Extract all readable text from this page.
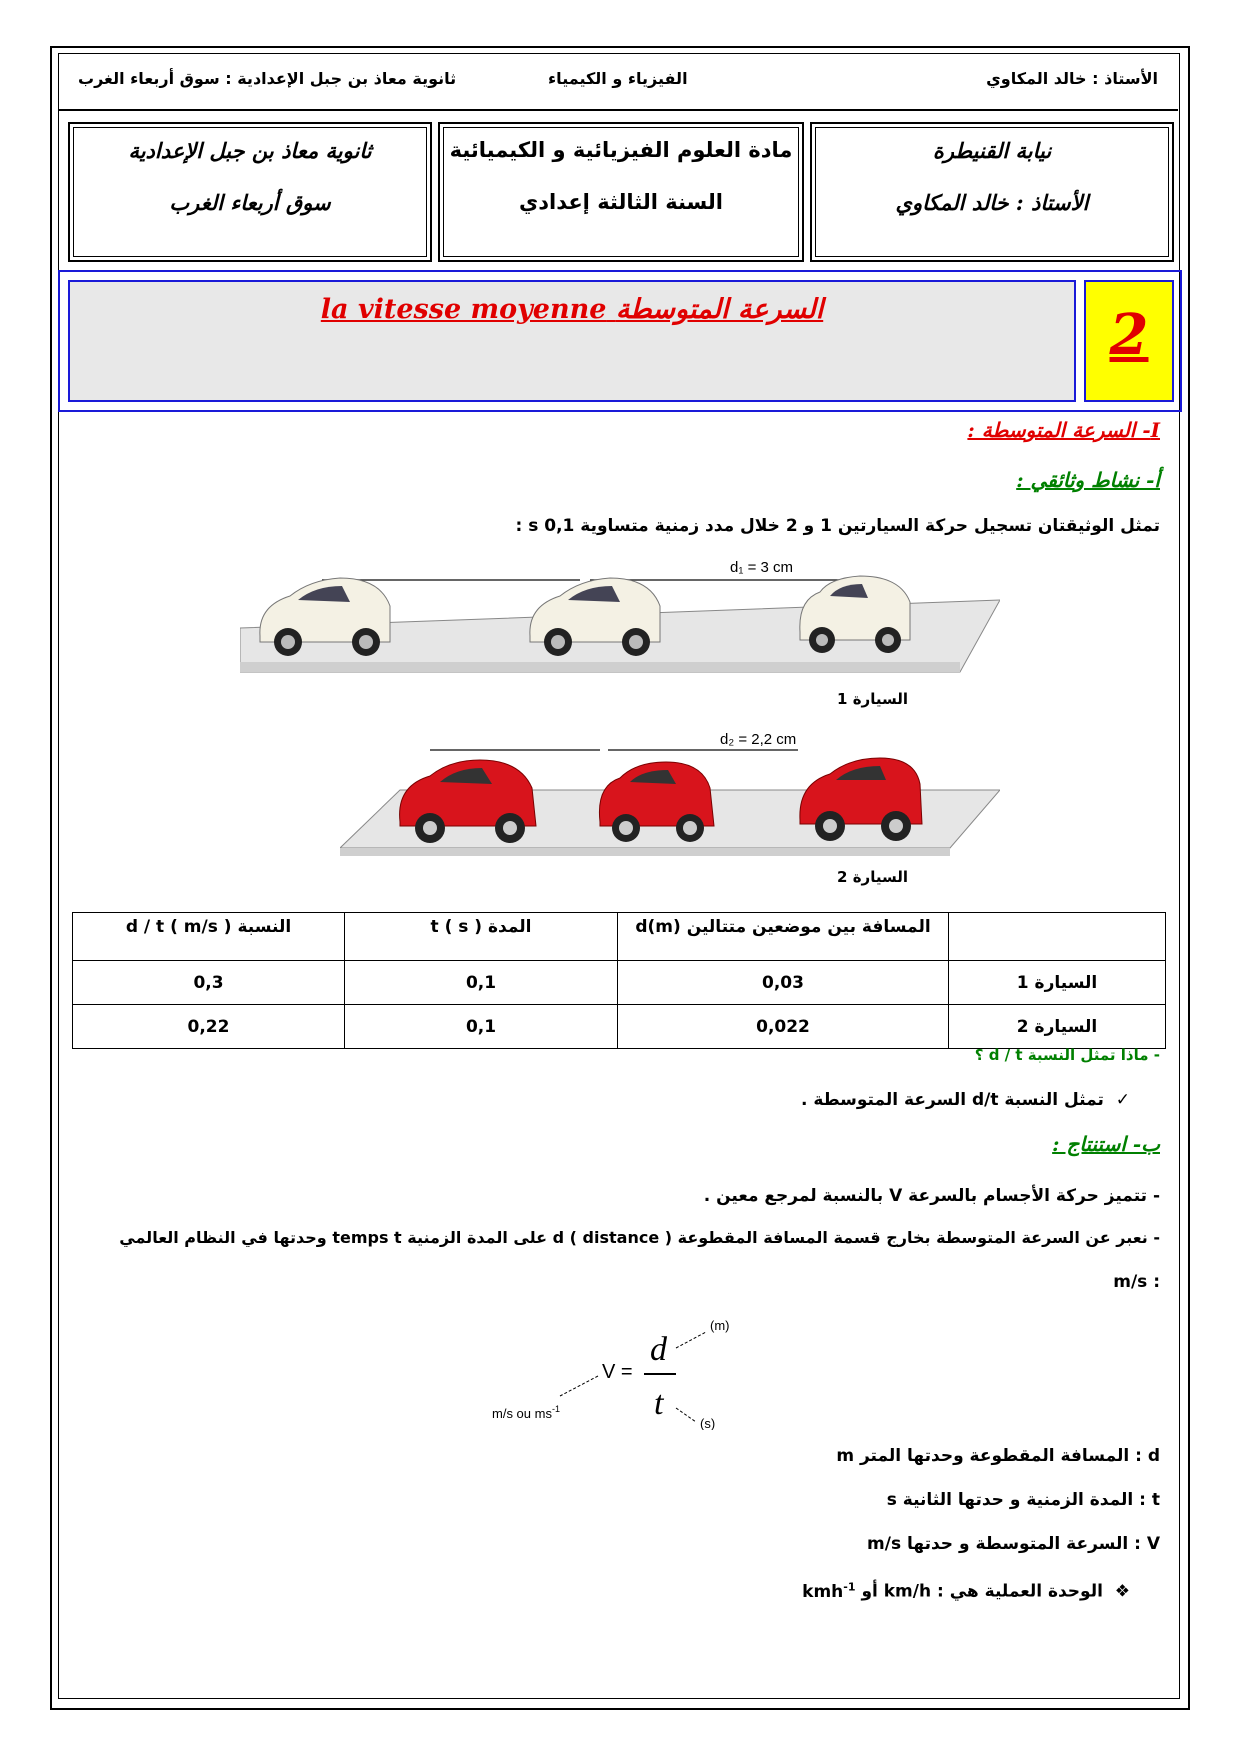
الأستاذ : خالد المكاوي
الفيزياء و الكيمياء
ثانوية معاذ بن جبل الإعدادية : سوق أربعاء الغرب
نيابة القنيطرة
الأستاذ : خالد المكاوي
مادة العلوم الفيزيائية و الكيميائية
السنة الثالثة إعدادي
ثانوية معاذ بن جبل الإعدادية
سوق أربعاء الغرب
la vitesse moyenne السرعة المتوسطة	2
I- السرعة المتوسطة :
أ- نشاط وثائقي :
تمثل الوثيقتان تسجيل حركة السيارتين 1 و 2 خلال مدد زمنية متساوية 0,1 s :
d₁ = 3 cm
السيارة 1
d₂ = 2,2 cm
السيارة 2
	المسافة بين موضعين متتالين (d(m	المدة ( t ( s	النسبة ( d / t ( m/s
السيارة 1	0,03	0,1	0,3
السيارة 2	0,022	0,1	0,22
- ماذا تمثل النسبة d / t ؟
✓  تمثل النسبة d/t السرعة المتوسطة .
ب- استنتاج :
- تتميز حركة الأجسام بالسرعة V بالنسبة لمرجع معين .
- نعبر عن السرعة المتوسطة بخارج قسمة المسافة المقطوعة d ( distance ) على المدة الزمنية temps t وحدتها في النظام العالمي
: m/s
V =
d
t
(m)
(s)
m/s ou $ms^{-1}$
d : المسافة المقطوعة وحدتها المتر m
t : المدة الزمنية و حدتها الثانية s
V : السرعة المتوسطة و حدتها m/s
❖  الوحدة العملية هي : km/h أو kmh$^{-1}$
